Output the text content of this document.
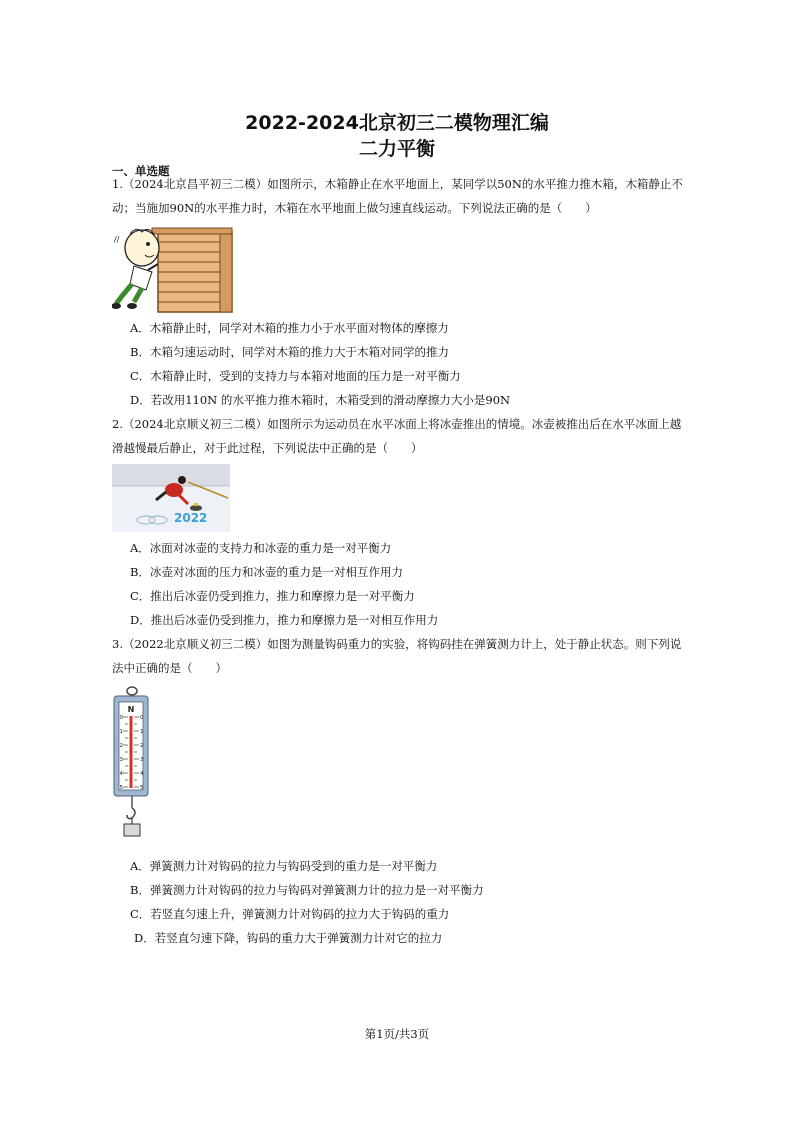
2022-2024北京初三二模物理汇编
二力平衡
一、单选题
1.（2024北京昌平初三二模）如图所示，木箱静止在水平地面上，某同学以50N的水平推力推木箱，木箱静止不动；当施加90N的水平推力时，木箱在水平地面上做匀速直线运动。下列说法正确的是（　　）
//
A．木箱静止时，同学对木箱的推力小于水平面对物体的摩擦力
B．木箱匀速运动时，同学对木箱的推力大于木箱对同学的推力
C．木箱静止时，受到的支持力与本箱对地面的压力是一对平衡力
D．若改用110N 的水平推力推木箱时，木箱受到的滑动摩擦力大小是90N
2.（2024北京顺义初三二模）如图所示为运动员在水平冰面上将冰壶推出的情境。冰壶被推出后在水平冰面上越滑越慢最后静止，对于此过程，下列说法中正确的是（　　）
2022
A．冰面对冰壶的支持力和冰壶的重力是一对平衡力
B．冰壶对冰面的压力和冰壶的重力是一对相互作用力
C．推出后冰壶仍受到推力，推力和摩擦力是一对平衡力
D．推出后冰壶仍受到推力，推力和摩擦力是一对相互作用力
3.（2022北京顺义初三二模）如图为测量钩码重力的实验，将钩码挂在弹簧测力计上，处于静止状态。则下列说法中正确的是（　　）
N
0
1
2
3
4
5
0
1
2
3
4
5
A．弹簧测力计对钩码的拉力与钩码受到的重力是一对平衡力
B．弹簧测力计对钩码的拉力与钩码对弹簧测力计的拉力是一对平衡力
C．若竖直匀速上升，弹簧测力计对钩码的拉力大于钩码的重力
D．若竖直匀速下降，钩码的重力大于弹簧测力计对它的拉力
第1页/共3页
